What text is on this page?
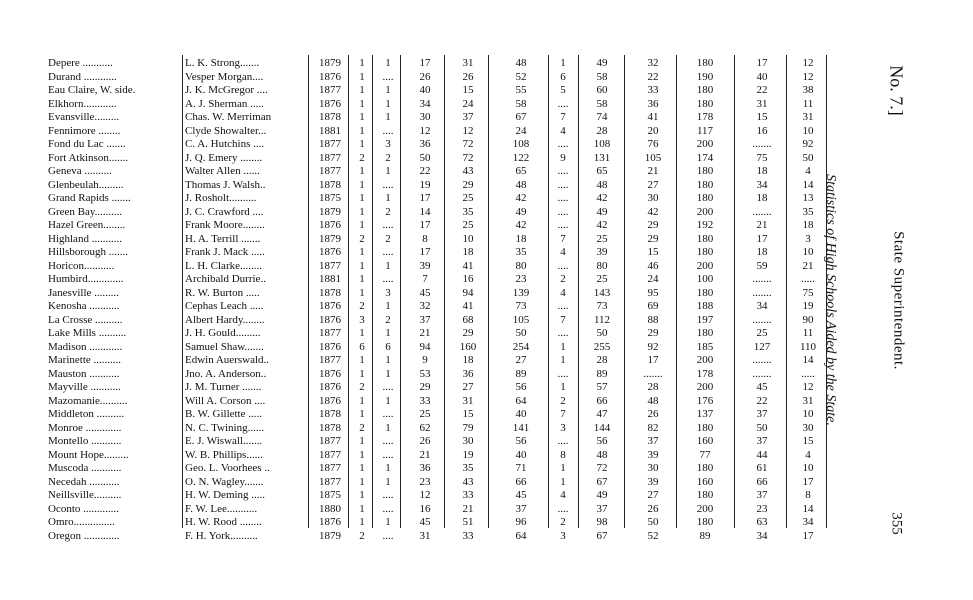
Depere ...........	L. K. Strong.......	1879	1	1	17	31	48	1	49	32	180	17	12
Durand ............	Vesper Morgan....	1876	1	....	26	26	52	6	58	22	190	40	12
Eau Claire, W. side.	J. K. McGregor ....	1877	1	1	40	15	55	5	60	33	180	22	38
Elkhorn............	A. J. Sherman .....	1876	1	1	34	24	58	....	58	36	180	31	11
Evansville.........	Chas. W. Merriman	1878	1	1	30	37	67	7	74	41	178	15	31
Fennimore ........	Clyde Showalter...	1881	1	....	12	12	24	4	28	20	117	16	10
Fond du Lac .......	C. A. Hutchins ....	1877	1	3	36	72	108	....	108	76	200	.......	92
Fort Atkinson.......	J. Q. Emery ........	1877	2	2	50	72	122	9	131	105	174	75	50
Geneva ..........	Walter Allen ......	1877	1	1	22	43	65	....	65	21	180	18	4
Glenbeulah.........	Thomas J. Walsh..	1878	1	....	19	29	48	....	48	27	180	34	14
Grand Rapids .......	J. Rosholt..........	1875	1	1	17	25	42	....	42	30	180	18	13
Green Bay..........	J. C. Crawford ....	1879	1	2	14	35	49	....	49	42	200	.......	35
Hazel Green........	Frank Moore........	1876	1	....	17	25	42	....	42	29	192	21	18
Highland ...........	H. A. Terrill .......	1879	2	2	8	10	18	7	25	29	180	17	3
Hillsborough .......	Frank J. Mack .....	1876	1	....	17	18	35	4	39	15	180	18	10
Horicon...........	L. H. Clarke........	1877	1	1	39	41	80	....	80	46	200	59	21
Humbird.............	Archibald Durrie..	1881	1	....	7	16	23	2	25	24	100	.......	.....
Janesville .........	R. W. Burton .....	1878	1	3	45	94	139	4	143	95	180	.......	75
Kenosha ...........	Cephas Leach .....	1876	2	1	32	41	73	....	73	69	188	34	19
La Crosse ..........	Albert Hardy........	1876	3	2	37	68	105	7	112	88	197	.......	90
Lake Mills ..........	J. H. Gould.........	1877	1	1	21	29	50	....	50	29	180	25	11
Madison ............	Samuel Shaw.......	1876	6	6	94	160	254	1	255	92	185	127	110
Marinette ..........	Edwin Auerswald..	1877	1	1	9	18	27	1	28	17	200	.......	14
Mauston ...........	Jno. A. Anderson..	1876	1	1	53	36	89	....	89	.......	178	.......	.....
Mayville ...........	J. M. Turner .......	1876	2	....	29	27	56	1	57	28	200	45	12
Mazomanie..........	Will A. Corson ....	1876	1	1	33	31	64	2	66	48	176	22	31
Middleton ..........	B. W. Gillette .....	1878	1	....	25	15	40	7	47	26	137	37	10
Monroe .............	N. C. Twining......	1878	2	1	62	79	141	3	144	82	180	50	30
Montello ...........	E. J. Wiswall.......	1877	1	....	26	30	56	....	56	37	160	37	15
Mount Hope.........	W. B. Phillips......	1877	1	....	21	19	40	8	48	39	77	44	4
Muscoda ...........	Geo. L. Voorhees ..	1877	1	1	36	35	71	1	72	30	180	61	10
Necedah ...........	O. N. Wagley.......	1877	1	1	23	43	66	1	67	39	160	66	17
Neillsville..........	H. W. Deming .....	1875	1	....	12	33	45	4	49	27	180	37	8
Oconto .............	F. W. Lee...........	1880	1	....	16	21	37	....	37	26	200	23	14
Omro...............	H. W. Rood ........	1876	1	1	45	51	96	2	98	50	180	63	34
Oregon .............	F. H. York..........	1879	2	....	31	33	64	3	67	52	89	34	17
Statistics of High Schools Aided by the State.	State Superintendent.
No. 7.]
355
